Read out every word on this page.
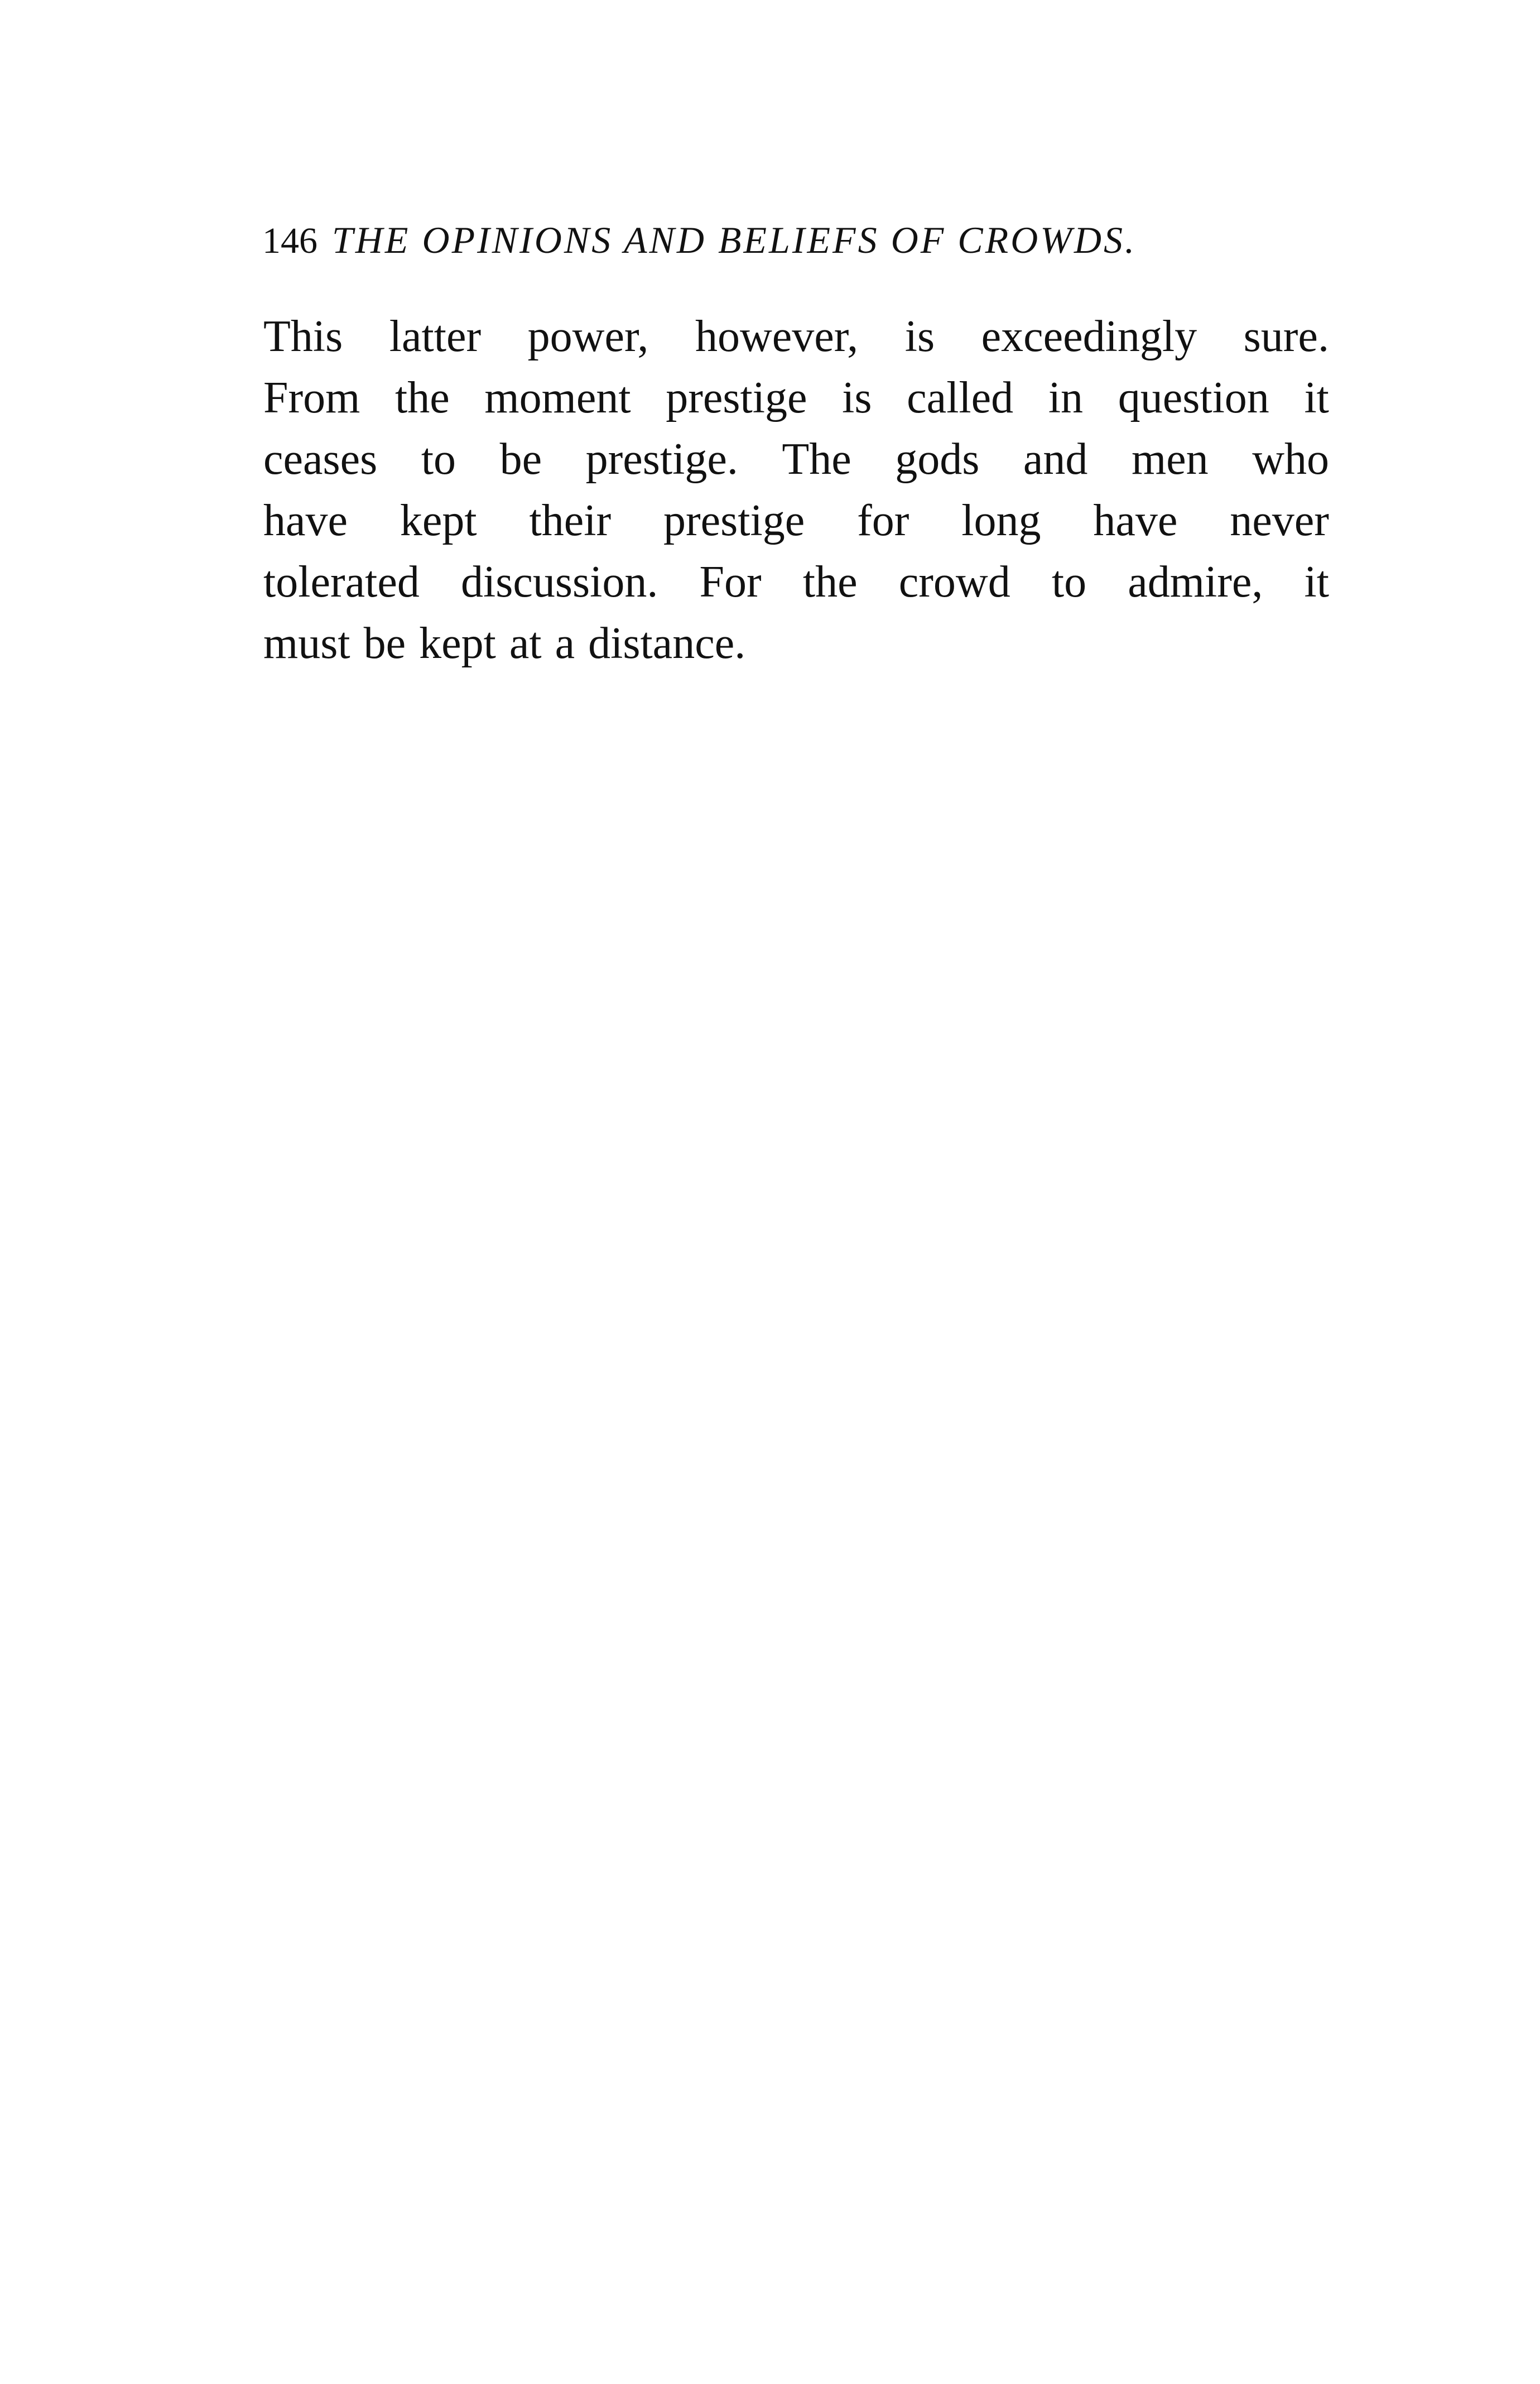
146 THE OPINIONS AND BELIEFS OF CROWDS.
This latter power, however, is exceedingly sure.
From the moment prestige is called in question it
ceases to be prestige. The gods and men who
have kept their prestige for long have never
tolerated discussion. For the crowd to admire, it
must be kept at a distance.
